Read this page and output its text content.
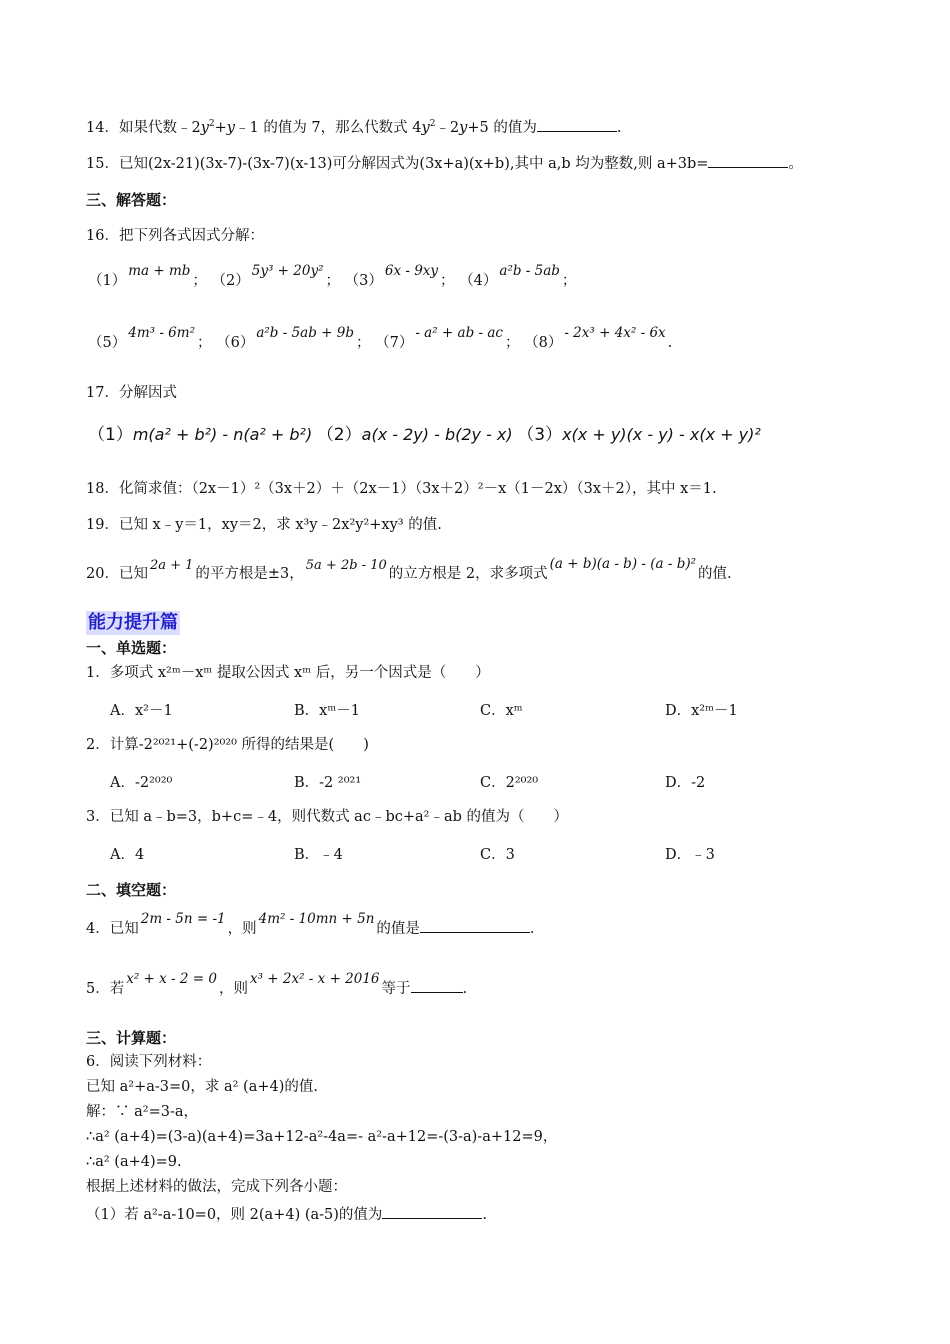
14．如果代数$﹣2y^2+y﹣1$ 的值为 7，那么代数式 $4y^2﹣2y+5$ 的值为	.
15．已知(2x-21)(3x-7)-(3x-7)(x-13)可分解因式为(3x+a)(x+b),其中 a,b 均为整数,则 a+3b=	。
三、解答题：
16．把下列各式因式分解：
（1）ma + mb； （2）5y³ + 20y²； （3）6x - 9xy； （4）a²b - 5ab；
（5）4m³ - 6m²； （6）a²b - 5ab + 9b； （7）- a² + ab - ac； （8）- 2x³ + 4x² - 6x.
17．分解因式
（1）m(a² + b²) - n(a² + b²) （2）a(x - 2y) - b(2y - x) （3）x(x + y)(x - y) - x(x + y)²
18．化简求值：（2x－1）²（3x＋2）＋（2x－1）（3x＋2）²－x（1－2x）（3x＋2），其中 x＝1.
19．已知 x﹣y＝1，xy＝2，求 x³y﹣2x²y²+xy³ 的值.
20．已知2a + 1的平方根是±3，5a + 2b - 10的立方根是 2，求多项式(a + b)(a - b) - (a - b)²的值.
能力提升篇
一、单选题：
1．多项式 x²ᵐ－xᵐ 提取公因式 xᵐ 后，另一个因式是（　　）
A．x²－1	B．xᵐ－1	C．xᵐ	D．x²ᵐ－1
2．计算-2²⁰²¹+(-2)²⁰²⁰ 所得的结果是(　　)
A．-2²⁰²⁰	B．-2 ²⁰²¹	C．2²⁰²⁰	D．-2
3．已知 a﹣b=3，b+c=﹣4，则代数式 ac﹣bc+a²﹣ab 的值为（　　）
A．4	B．﹣4	C．3	D．﹣3
二、填空题：
4．已知2m - 5n = -1，则4m² - 10mn + 5n的值是	.
5．若x² + x - 2 = 0，则x³ + 2x² - x + 2016等于	.
三、计算题：
6．阅读下列材料：
已知 a²+a-3=0，求 a² (a+4)的值.
解：∵ a²=3-a，
∴a² (a+4)=(3-a)(a+4)=3a+12-a²-4a=- a²-a+12=-(3-a)-a+12=9，
∴a² (a+4)=9.
根据上述材料的做法，完成下列各小题：
（1）若 a²-a-10=0，则 2(a+4) (a-5)的值为	.
